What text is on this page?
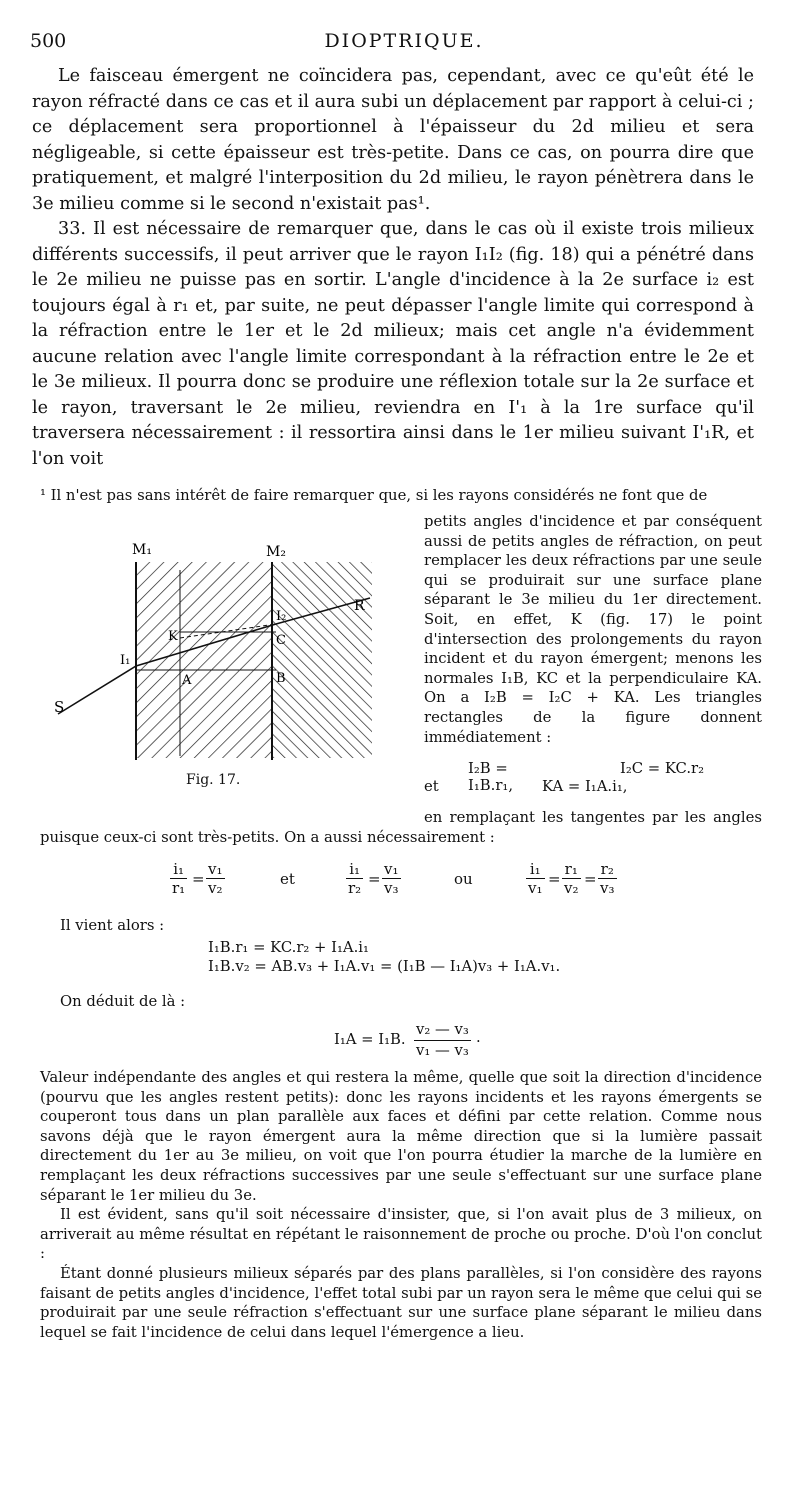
500	DIOPTRIQUE.

Le faisceau émergent ne coïncidera pas, cependant, avec ce qu'eût été le rayon réfracté dans ce cas et il aura subi un déplacement par rapport à celui-ci ; ce déplacement sera proportionnel à l'épaisseur du 2d milieu et sera négligeable, si cette épaisseur est très-petite. Dans ce cas, on pourra dire que pratiquement, et malgré l'interposition du 2d milieu, le rayon pénètrera dans le 3e milieu comme si le second n'existait pas¹.

33. Il est nécessaire de remarquer que, dans le cas où il existe trois milieux différents successifs, il peut arriver que le rayon I₁I₂ (fig. 18) qui a pénétré dans le 2e milieu ne puisse pas en sortir. L'angle d'incidence à la 2e surface i₂ est toujours égal à r₁ et, par suite, ne peut dépasser l'angle limite qui correspond à la réfraction entre le 1er et le 2d milieux; mais cet angle n'a évidemment aucune relation avec l'angle limite correspondant à la réfraction entre le 2e et le 3e milieux. Il pourra donc se produire une réflexion totale sur la 2e surface et le rayon, traversant le 2e milieu, reviendra en I'₁ à la 1re surface qu'il traversera nécessairement : il ressortira ainsi dans le 1er milieu suivant I'₁R, et l'on voit

¹ Il n'est pas sans intérêt de faire remarquer que, si les rayons considérés ne font que de

M₁	M₂
S
R
I₁
I₂
K
A	B
C
Fig. 17.

petits angles d'incidence et par conséquent aussi de petits angles de réfraction, on peut remplacer les deux réfractions par une seule qui se produirait sur une surface plane séparant le 3e milieu du 1er directement. Soit, en effet, K (fig. 17) le point d'intersection des prolongements du rayon incident et du rayon émergent; menons les normales I₁B, KC et la perpendiculaire KA. On a I₂B = I₂C + KA. Les triangles rectangles de la figure donnent immédiatement :

I₂B = I₁B.r₁,
I₂C = KC.r₂
et	KA = I₁A.i₁,

en remplaçant les tangentes par les angles puisque ceux-ci sont très-petits. On a aussi nécessairement :

$\frac{\text{i₁}}{\text{r₁}} = \frac{\text{v₁}}{\text{v₂}}$	et	$\frac{\text{i₁}}{\text{r₂}} = \frac{\text{v₁}}{\text{v₃}}$	ou	$\frac{\text{i₁}}{\text{v₁}} = \frac{\text{r₁}}{\text{v₂}} = \frac{\text{r₂}}{\text{v₃}}$
Il vient alors :
I₁B.r₁ = KC.r₂ + I₁A.i₁
I₁B.v₂ = AB.v₃ + I₁A.v₁ = (I₁B — I₁A)v₃ + I₁A.v₁.
On déduit de là :
I₁A = I₁B. $\frac{\text{v₂ — v₃}}{\text{v₁ — v₃}}$ .

Valeur indépendante des angles et qui restera la même, quelle que soit la direction d'incidence (pourvu que les angles restent petits): donc les rayons incidents et les rayons émergents se couperont tous dans un plan parallèle aux faces et défini par cette relation. Comme nous savons déjà que le rayon émergent aura la même direction que si la lumière passait directement du 1er au 3e milieu, on voit que l'on pourra étudier la marche de la lumière en remplaçant les deux réfractions successives par une seule s'effectuant sur une surface plane séparant le 1er milieu du 3e.

Il est évident, sans qu'il soit nécessaire d'insister, que, si l'on avait plus de 3 milieux, on arriverait au même résultat en répétant le raisonnement de proche ou proche. D'où l'on conclut :

Étant donné plusieurs milieux séparés par des plans parallèles, si l'on considère des rayons faisant de petits angles d'incidence, l'effet total subi par un rayon sera le même que celui qui se produirait par une seule réfraction s'effectuant sur une surface plane séparant le milieu dans lequel se fait l'incidence de celui dans lequel l'émergence a lieu.
